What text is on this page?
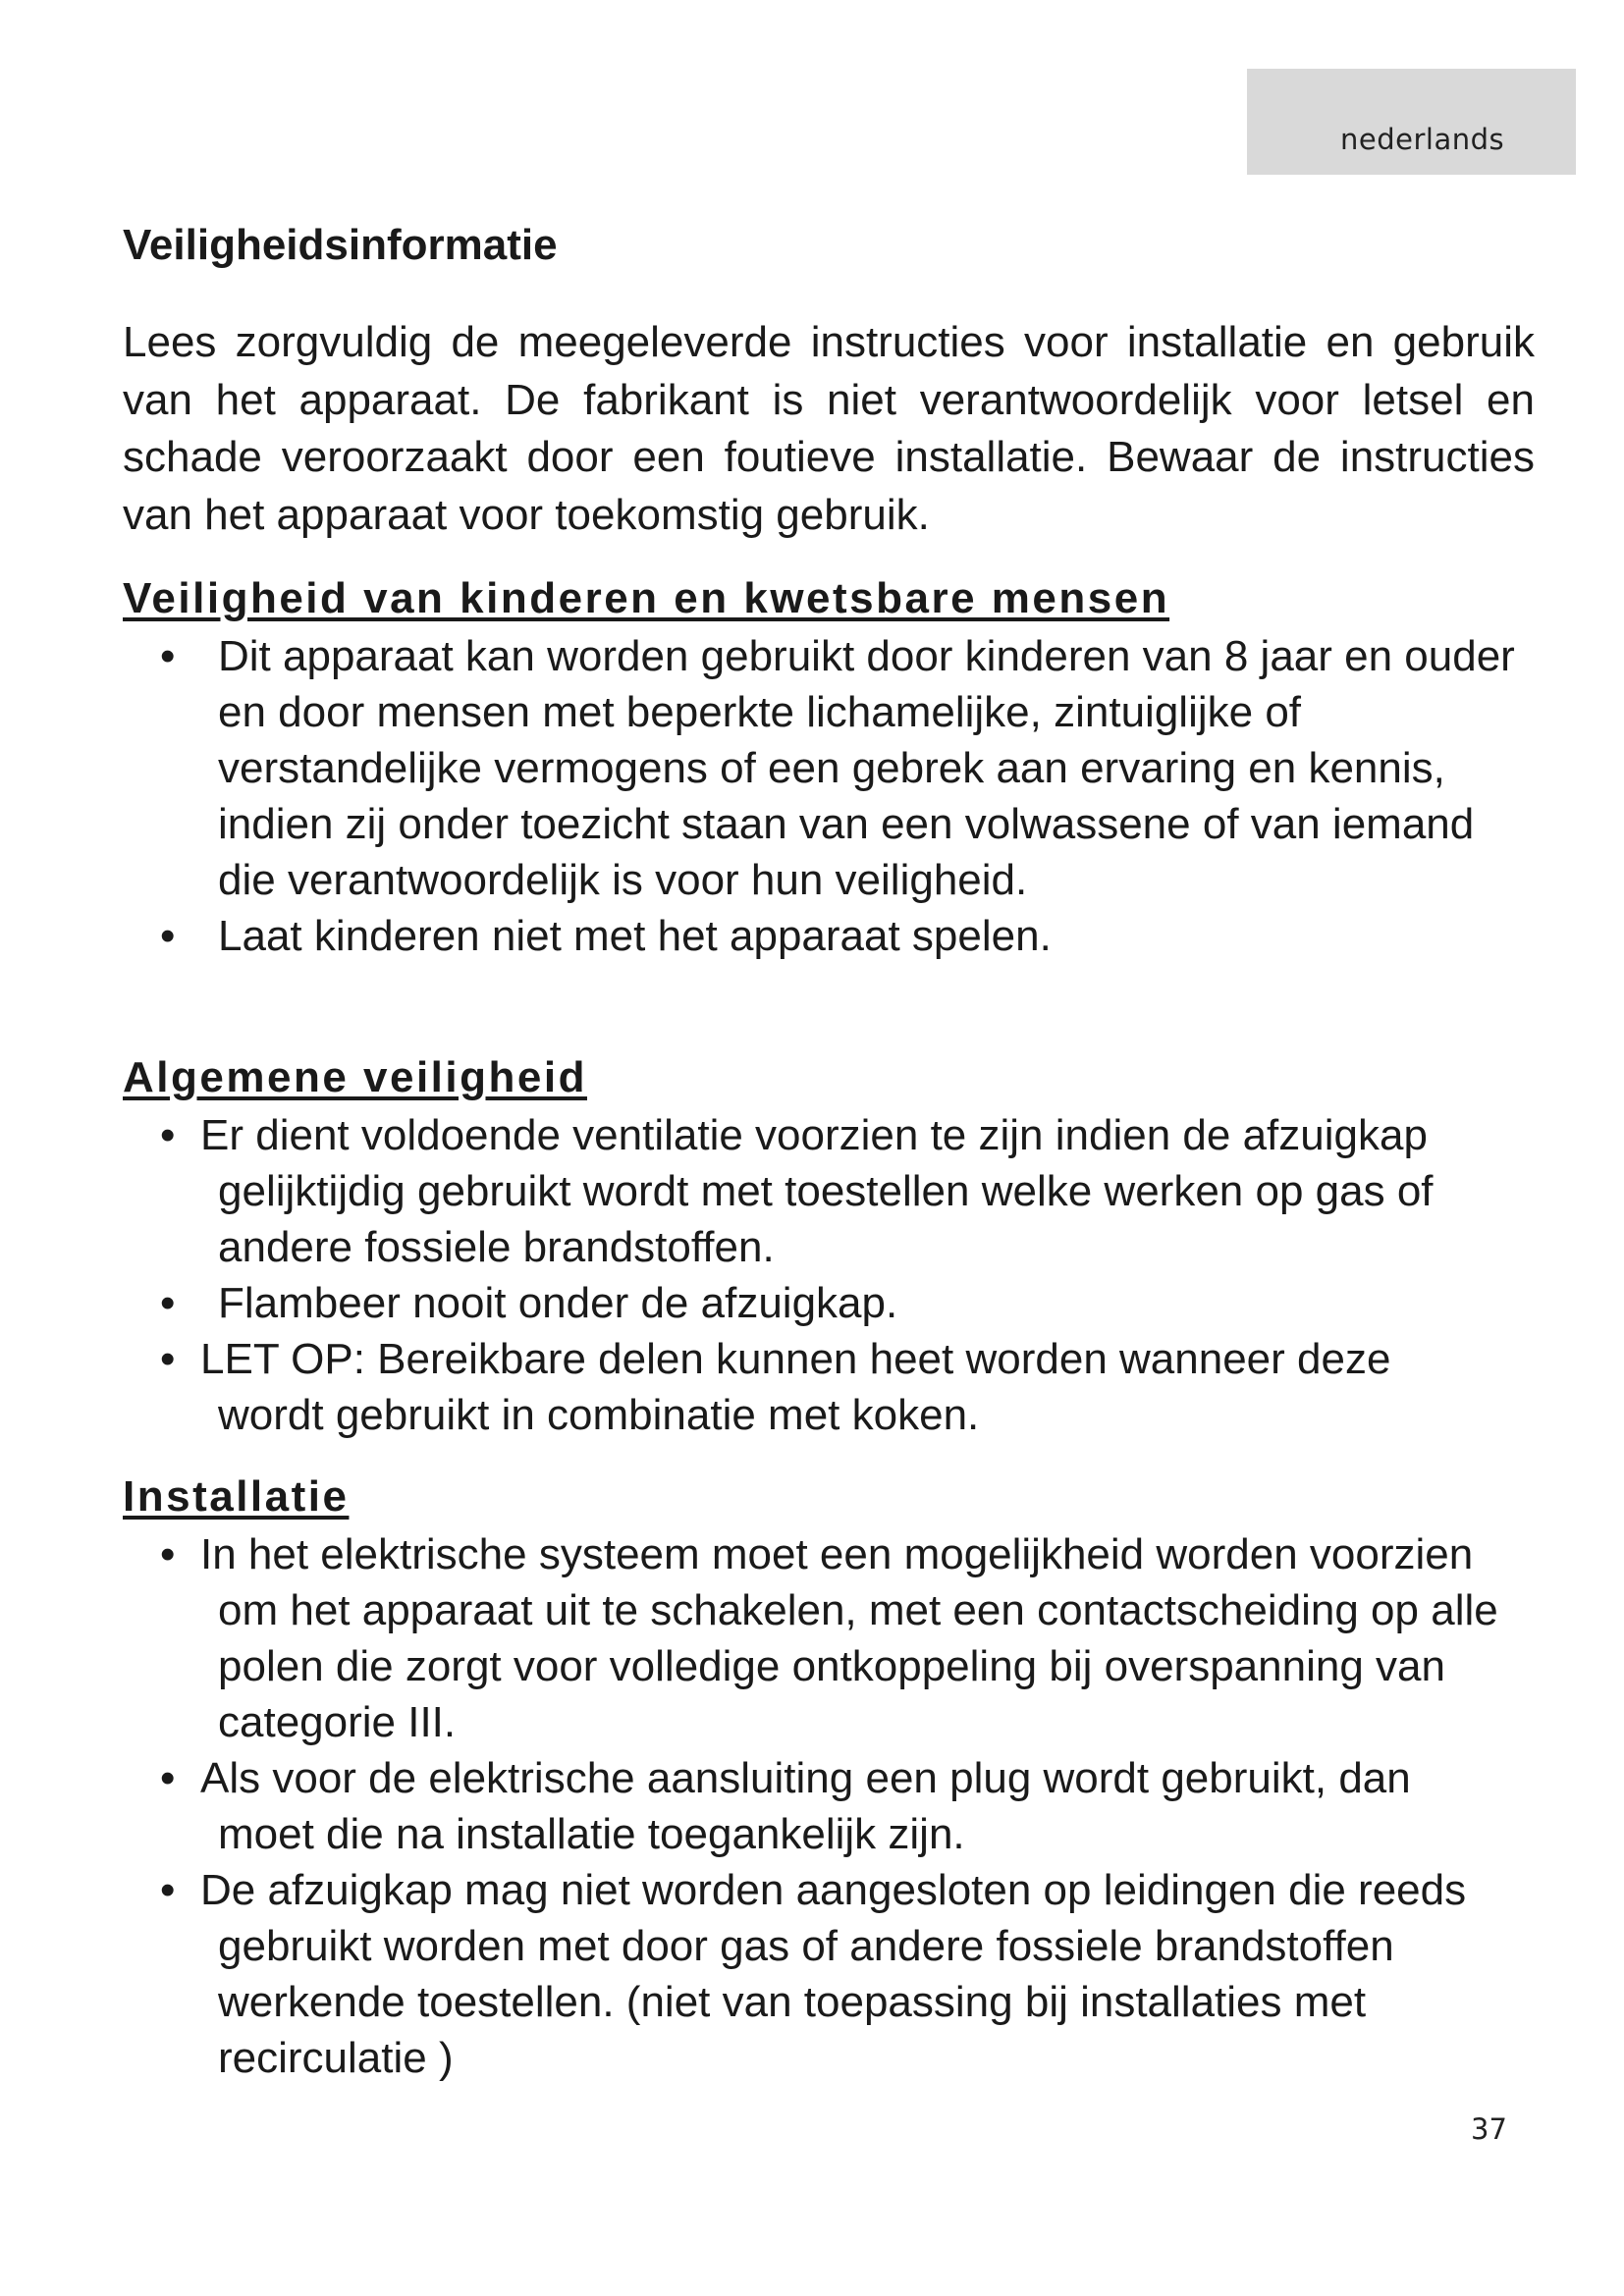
nederlands
Veiligheidsinformatie

Lees zorgvuldig de meegeleverde instructies voor installatie en gebruik van het apparaat. De fabrikant is niet verantwoordelijk voor letsel en schade veroorzaakt door een foutieve installatie. Bewaar de instructies van het apparaat voor toekomstig gebruik.

Veiligheid van kinderen en kwetsbare mensen
• Dit apparaat kan worden gebruikt door kinderen van 8 jaar en ouder en door mensen met beperkte lichamelijke, zintuiglijke of verstandelijke vermogens of een gebrek aan ervaring en kennis, indien zij onder toezicht staan van een volwassene of van iemand die verantwoordelijk is voor hun veiligheid.
• Laat kinderen niet met het apparaat spelen.
Algemene veiligheid
• Er dient voldoende ventilatie voorzien te zijn indien de afzuigkap gelijktijdig gebruikt wordt met toestellen welke werken op gas of andere fossiele brandstoffen.
• Flambeer nooit onder de afzuigkap.
• LET OP: Bereikbare delen kunnen heet worden wanneer deze wordt gebruikt in combinatie met koken.
Installatie
• In het elektrische systeem moet een mogelijkheid worden voorzien om het apparaat uit te schakelen, met een contactscheiding op alle polen die zorgt voor volledige ontkoppeling bij overspanning van categorie III.
• Als voor de elektrische aansluiting een plug wordt gebruikt, dan moet die na installatie toegankelijk zijn.
• De afzuigkap mag niet worden aangesloten op leidingen die reeds gebruikt worden met door gas of andere fossiele brandstoffen werkende toestellen. (niet van toepassing bij installaties met recirculatie )
37
